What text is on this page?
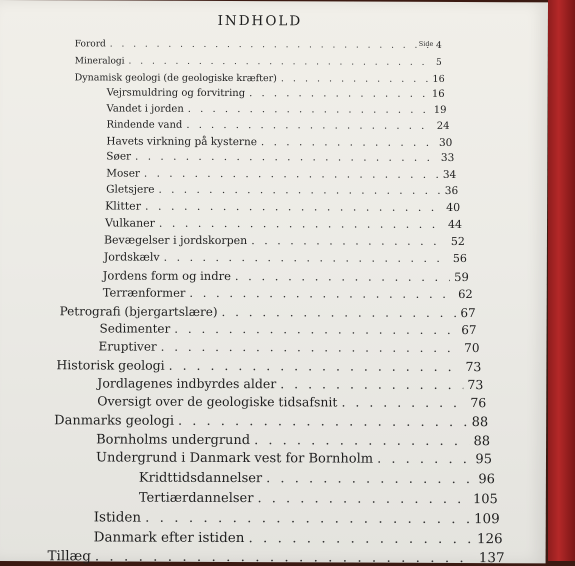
INDHOLD
Side
Forord . . .	4
Mineralogi . . .	5
Dynamisk geologi (de geologiske kræfter) . . .	16
Vejrsmuldring og forvitring . . .	16
Vandet i jorden . . .	19
Rindende vand . . .	24
Havets virkning på kysterne . . .	30
Søer . . .	33
Moser . . .	34
Gletsjere . . .	36
Klitter . . .	40
Vulkaner . . .	44
Bevægelser i jordskorpen . . .	52
Jordskælv . . .	56
Jordens form og indre . . .	59
Terrænformer . . .	62
Petrografi (bjergartslære) . . .	67
Sedimenter . . .	67
Eruptiver . . .	70
Historisk geologi . . .	73
Jordlagenes indbyrdes alder . . .	73
Oversigt over de geologiske tidsafsnit . . .	76
Danmarks geologi . . .	88
Bornholms undergrund . . .	88
Undergrund i Danmark vest for Bornholm . . .	95
Kridttidsdannelser . . .	96
Tertiærdannelser . . .	105
Istiden . . .	109
Danmark efter istiden . . .	126
Tillæg . . .	137
